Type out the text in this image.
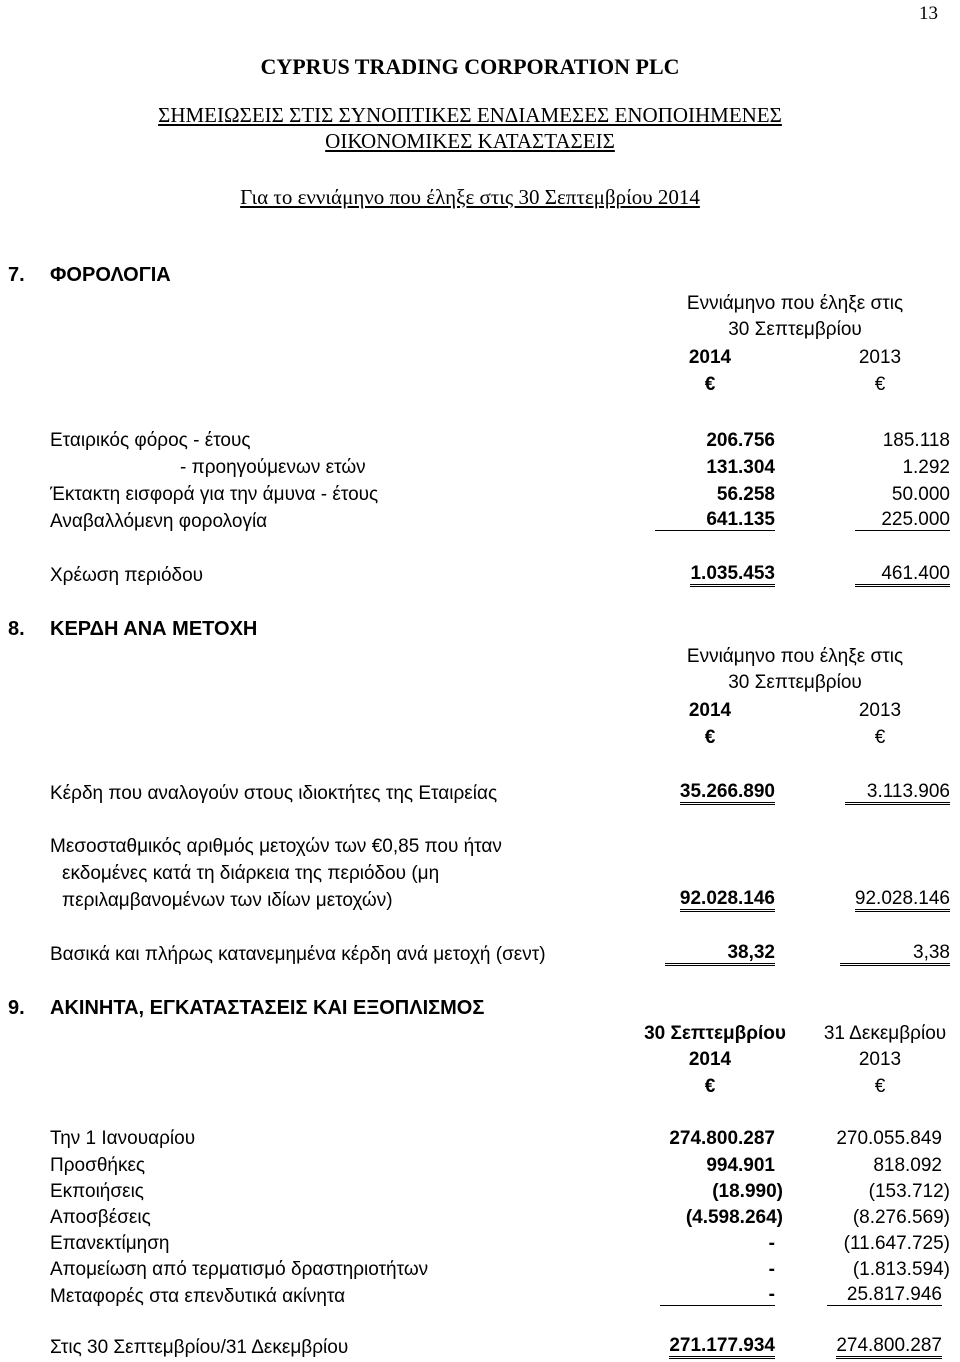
13
CYPRUS TRADING CORPORATION PLC
ΣΗΜΕΙΩΣΕΙΣ ΣΤΙΣ ΣΥΝΟΠΤΙΚΕΣ ΕΝΔΙΑΜΕΣΕΣ ΕΝΟΠΟΙΗΜΕΝΕΣ
ΟΙΚΟΝΟΜΙΚΕΣ ΚΑΤΑΣΤΑΣΕΙΣ
Για το εννιάμηνο που έληξε στις 30 Σεπτεμβρίου 2014
7. ΦΟΡΟΛΟΓΙΑ
Εννιάμηνο που έληξε στις
30 Σεπτεμβρίου
2014	2013
€	€
Εταιρικός φόρος - έτους	206.756	185.118
- προηγούμενων ετών	131.304	1.292
Έκτακτη εισφορά για την άμυνα - έτους	56.258	50.000
Αναβαλλόμενη φορολογία	641.135	225.000
Χρέωση περιόδου	1.035.453	461.400
8. ΚΕΡΔΗ ΑΝΑ ΜΕΤΟΧΗ
Εννιάμηνο που έληξε στις
30 Σεπτεμβρίου
2014	2013
€	€
Κέρδη που αναλογούν στους ιδιοκτήτες της Εταιρείας	35.266.890	3.113.906
Μεσοσταθμικός αριθμός μετοχών των €0,85 που ήταν
εκδομένες κατά τη διάρκεια της περιόδου (μη
περιλαμβανομένων των ιδίων μετοχών)	92.028.146	92.028.146
Βασικά και πλήρως κατανεμημένα κέρδη ανά μετοχή (σεντ)	38,32	3,38
9. ΑΚΙΝΗΤΑ, ΕΓΚΑΤΑΣΤΑΣΕΙΣ ΚΑΙ ΕΞΟΠΛΙΣΜΟΣ
30 Σεπτεμβρίου	31 Δεκεμβρίου
2014	2013
€	€
Την 1 Ιανουαρίου	274.800.287	270.055.849
Προσθήκες	994.901	818.092
Εκποιήσεις	(18.990)	(153.712)
Αποσβέσεις	(4.598.264)	(8.276.569)
Επανεκτίμηση	-	(11.647.725)
Απομείωση από τερματισμό δραστηριοτήτων	-	(1.813.594)
Μεταφορές στα επενδυτικά ακίνητα	-	25.817.946
Στις 30 Σεπτεμβρίου/31 Δεκεμβρίου	271.177.934	274.800.287
